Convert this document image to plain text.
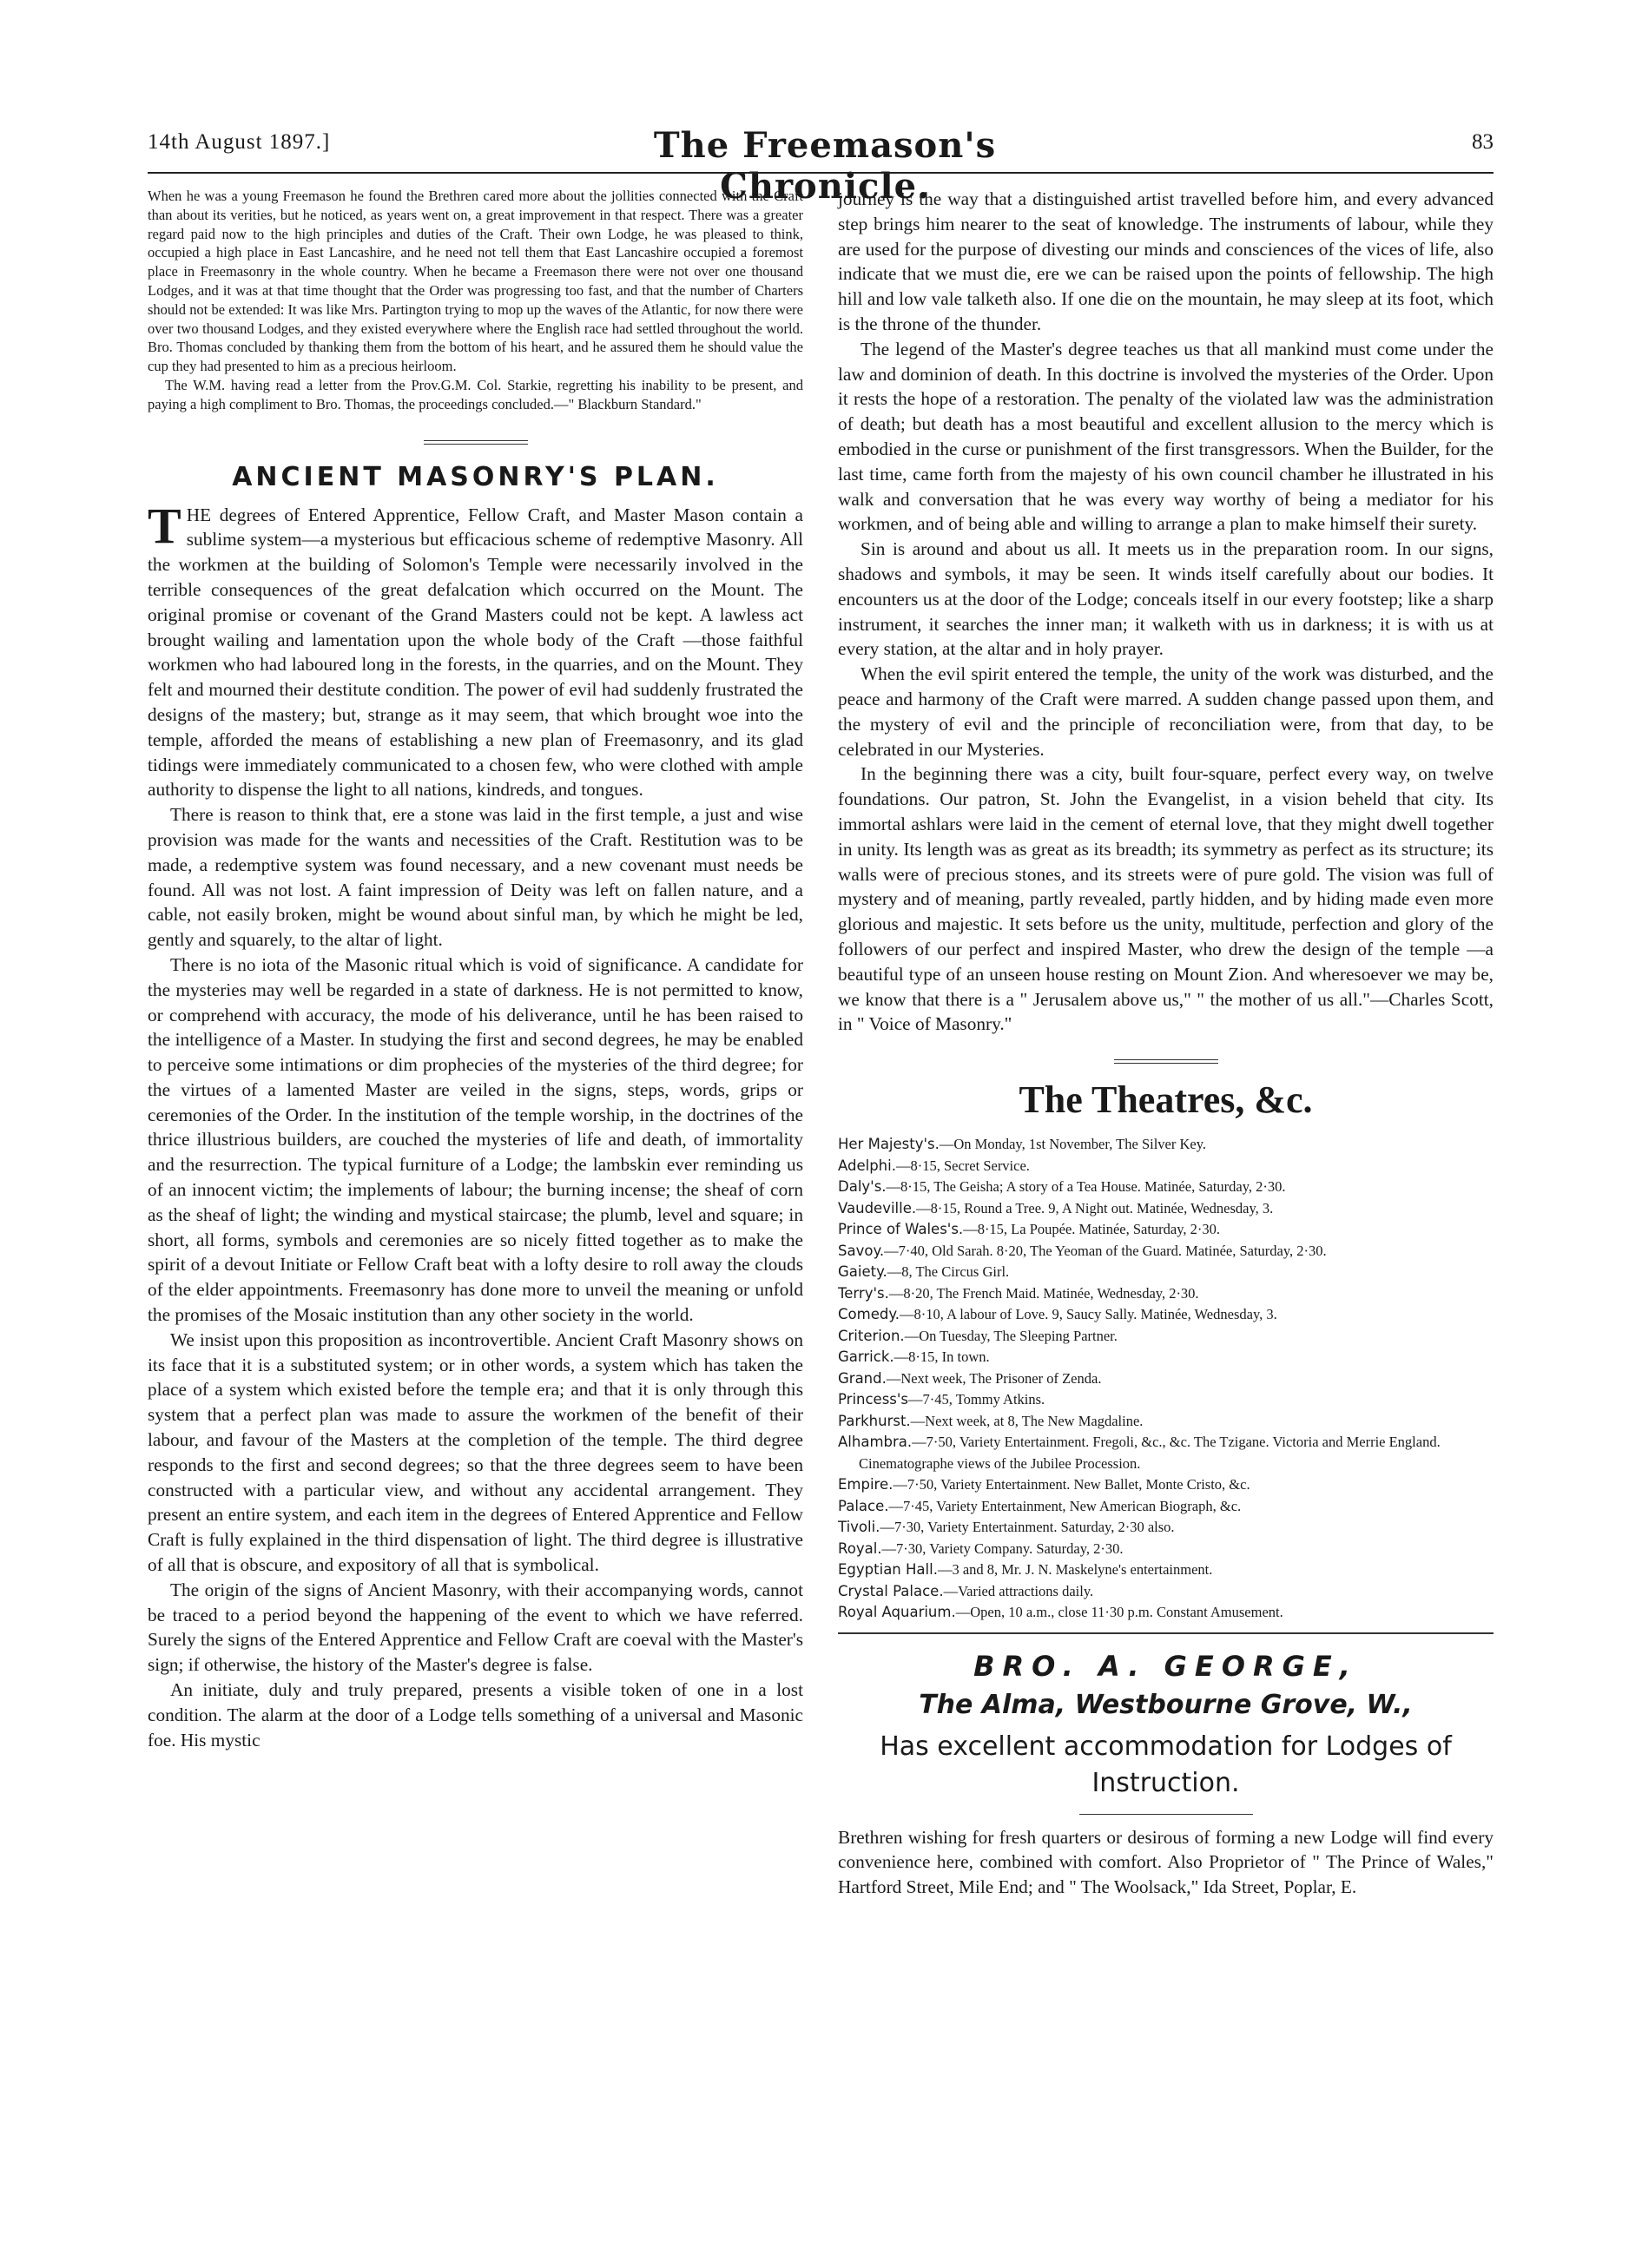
14th August 1897.]	The Freemason's Chronicle.
83

When he was a young Freemason he found the Brethren cared more about the jollities connected with the Craft than about its verities, but he noticed, as years went on, a great improvement in that respect. There was a greater regard paid now to the high principles and duties of the Craft. Their own Lodge, he was pleased to think, occupied a high place in East Lancashire, and he need not tell them that East Lancashire occupied a foremost place in Freemasonry in the whole country. When he became a Freemason there were not over one thousand Lodges, and it was at that time thought that the Order was progressing too fast, and that the number of Charters should not be extended: It was like Mrs. Partington trying to mop up the waves of the Atlantic, for now there were over two thousand Lodges, and they existed everywhere where the English race had settled throughout the world. Bro. Thomas concluded by thanking them from the bottom of his heart, and he assured them he should value the cup they had presented to him as a precious heirloom.

The W.M. having read a letter from the Prov.G.M. Col. Starkie, regretting his inability to be present, and paying a high compliment to Bro. Thomas, the proceedings concluded.—" Blackburn Standard."

ANCIENT MASONRY'S PLAN.

THE degrees of Entered Apprentice, Fellow Craft, and Master Mason contain a sublime system—a mysterious but efficacious scheme of redemptive Masonry. All the workmen at the building of Solomon's Temple were necessarily involved in the terrible consequences of the great defalcation which occurred on the Mount. The original promise or covenant of the Grand Masters could not be kept. A lawless act brought wailing and lamentation upon the whole body of the Craft —those faithful workmen who had laboured long in the forests, in the quarries, and on the Mount. They felt and mourned their destitute condition. The power of evil had suddenly frustrated the designs of the mastery; but, strange as it may seem, that which brought woe into the temple, afforded the means of establishing a new plan of Freemasonry, and its glad tidings were immediately communicated to a chosen few, who were clothed with ample authority to dispense the light to all nations, kindreds, and tongues.

There is reason to think that, ere a stone was laid in the first temple, a just and wise provision was made for the wants and necessities of the Craft. Restitution was to be made, a redemptive system was found necessary, and a new covenant must needs be found. All was not lost. A faint impression of Deity was left on fallen nature, and a cable, not easily broken, might be wound about sinful man, by which he might be led, gently and squarely, to the altar of light.

There is no iota of the Masonic ritual which is void of significance. A candidate for the mysteries may well be regarded in a state of darkness. He is not permitted to know, or comprehend with accuracy, the mode of his deliverance, until he has been raised to the intelligence of a Master. In studying the first and second degrees, he may be enabled to perceive some intimations or dim prophecies of the mysteries of the third degree; for the virtues of a lamented Master are veiled in the signs, steps, words, grips or ceremonies of the Order. In the institution of the temple worship, in the doctrines of the thrice illustrious builders, are couched the mysteries of life and death, of immortality and the resurrection. The typical furniture of a Lodge; the lambskin ever reminding us of an innocent victim; the implements of labour; the burning incense; the sheaf of corn as the sheaf of light; the winding and mystical staircase; the plumb, level and square; in short, all forms, symbols and ceremonies are so nicely fitted together as to make the spirit of a devout Initiate or Fellow Craft beat with a lofty desire to roll away the clouds of the elder appointments. Freemasonry has done more to unveil the meaning or unfold the promises of the Mosaic institution than any other society in the world.

We insist upon this proposition as incontrovertible. Ancient Craft Masonry shows on its face that it is a substituted system; or in other words, a system which has taken the place of a system which existed before the temple era; and that it is only through this system that a perfect plan was made to assure the workmen of the benefit of their labour, and favour of the Masters at the completion of the temple. The third degree responds to the first and second degrees; so that the three degrees seem to have been constructed with a particular view, and without any accidental arrangement. They present an entire system, and each item in the degrees of Entered Apprentice and Fellow Craft is fully explained in the third dispensation of light. The third degree is illustrative of all that is obscure, and expository of all that is symbolical.

The origin of the signs of Ancient Masonry, with their accompanying words, cannot be traced to a period beyond the happening of the event to which we have referred. Surely the signs of the Entered Apprentice and Fellow Craft are coeval with the Master's sign; if otherwise, the history of the Master's degree is false.

An initiate, duly and truly prepared, presents a visible token of one in a lost condition. The alarm at the door of a Lodge tells something of a universal and Masonic foe. His mystic

journey is the way that a distinguished artist travelled before him, and every advanced step brings him nearer to the seat of knowledge. The instruments of labour, while they are used for the purpose of divesting our minds and consciences of the vices of life, also indicate that we must die, ere we can be raised upon the points of fellowship. The high hill and low vale talketh also. If one die on the mountain, he may sleep at its foot, which is the throne of the thunder.

The legend of the Master's degree teaches us that all mankind must come under the law and dominion of death. In this doctrine is involved the mysteries of the Order. Upon it rests the hope of a restoration. The penalty of the violated law was the administration of death; but death has a most beautiful and excellent allusion to the mercy which is embodied in the curse or punishment of the first transgressors. When the Builder, for the last time, came forth from the majesty of his own council chamber he illustrated in his walk and conversation that he was every way worthy of being a mediator for his workmen, and of being able and willing to arrange a plan to make himself their surety.

Sin is around and about us all. It meets us in the preparation room. In our signs, shadows and symbols, it may be seen. It winds itself carefully about our bodies. It encounters us at the door of the Lodge; conceals itself in our every footstep; like a sharp instrument, it searches the inner man; it walketh with us in darkness; it is with us at every station, at the altar and in holy prayer.

When the evil spirit entered the temple, the unity of the work was disturbed, and the peace and harmony of the Craft were marred. A sudden change passed upon them, and the mystery of evil and the principle of reconciliation were, from that day, to be celebrated in our Mysteries.

In the beginning there was a city, built four-square, perfect every way, on twelve foundations. Our patron, St. John the Evangelist, in a vision beheld that city. Its immortal ashlars were laid in the cement of eternal love, that they might dwell together in unity. Its length was as great as its breadth; its symmetry as perfect as its structure; its walls were of precious stones, and its streets were of pure gold. The vision was full of mystery and of meaning, partly revealed, partly hidden, and by hiding made even more glorious and majestic. It sets before us the unity, multitude, perfection and glory of the followers of our perfect and inspired Master, who drew the design of the temple —a beautiful type of an unseen house resting on Mount Zion. And wheresoever we may be, we know that there is a " Jerusalem above us," " the mother of us all."—Charles Scott, in " Voice of Masonry."

The Theatres, &c.
Her Majesty's.—On Monday, 1st November, The Silver Key.
Adelphi.—8·15, Secret Service.
Daly's.—8·15, The Geisha; A story of a Tea House. Matinée, Saturday, 2·30.
Vaudeville.—8·15, Round a Tree. 9, A Night out. Matinée, Wednesday, 3.
Prince of Wales's.—8·15, La Poupée. Matinée, Saturday, 2·30.
Savoy.—7·40, Old Sarah. 8·20, The Yeoman of the Guard. Matinée, Saturday, 2·30.
Gaiety.—8, The Circus Girl.
Terry's.—8·20, The French Maid. Matinée, Wednesday, 2·30.
Comedy.—8·10, A labour of Love. 9, Saucy Sally. Matinée, Wednesday, 3.
Criterion.—On Tuesday, The Sleeping Partner.
Garrick.—8·15, In town.
Grand.—Next week, The Prisoner of Zenda.
Princess's—7·45, Tommy Atkins.
Parkhurst.—Next week, at 8, The New Magdaline.
Alhambra.—7·50, Variety Entertainment. Fregoli, &c., &c. The Tzigane. Victoria and Merrie England. Cinematographe views of the Jubilee Procession.
Empire.—7·50, Variety Entertainment. New Ballet, Monte Cristo, &c.
Palace.—7·45, Variety Entertainment, New American Biograph, &c.
Tivoli.—7·30, Variety Entertainment. Saturday, 2·30 also.
Royal.—7·30, Variety Company. Saturday, 2·30.
Egyptian Hall.—3 and 8, Mr. J. N. Maskelyne's entertainment.
Crystal Palace.—Varied attractions daily.
Royal Aquarium.—Open, 10 a.m., close 11·30 p.m. Constant Amusement.
BRO. A. GEORGE,
The Alma, Westbourne Grove, W.,
Has excellent accommodation for Lodges of Instruction.

Brethren wishing for fresh quarters or desirous of forming a new Lodge will find every convenience here, combined with comfort. Also Proprietor of " The Prince of Wales," Hartford Street, Mile End; and " The Woolsack," Ida Street, Poplar, E.
